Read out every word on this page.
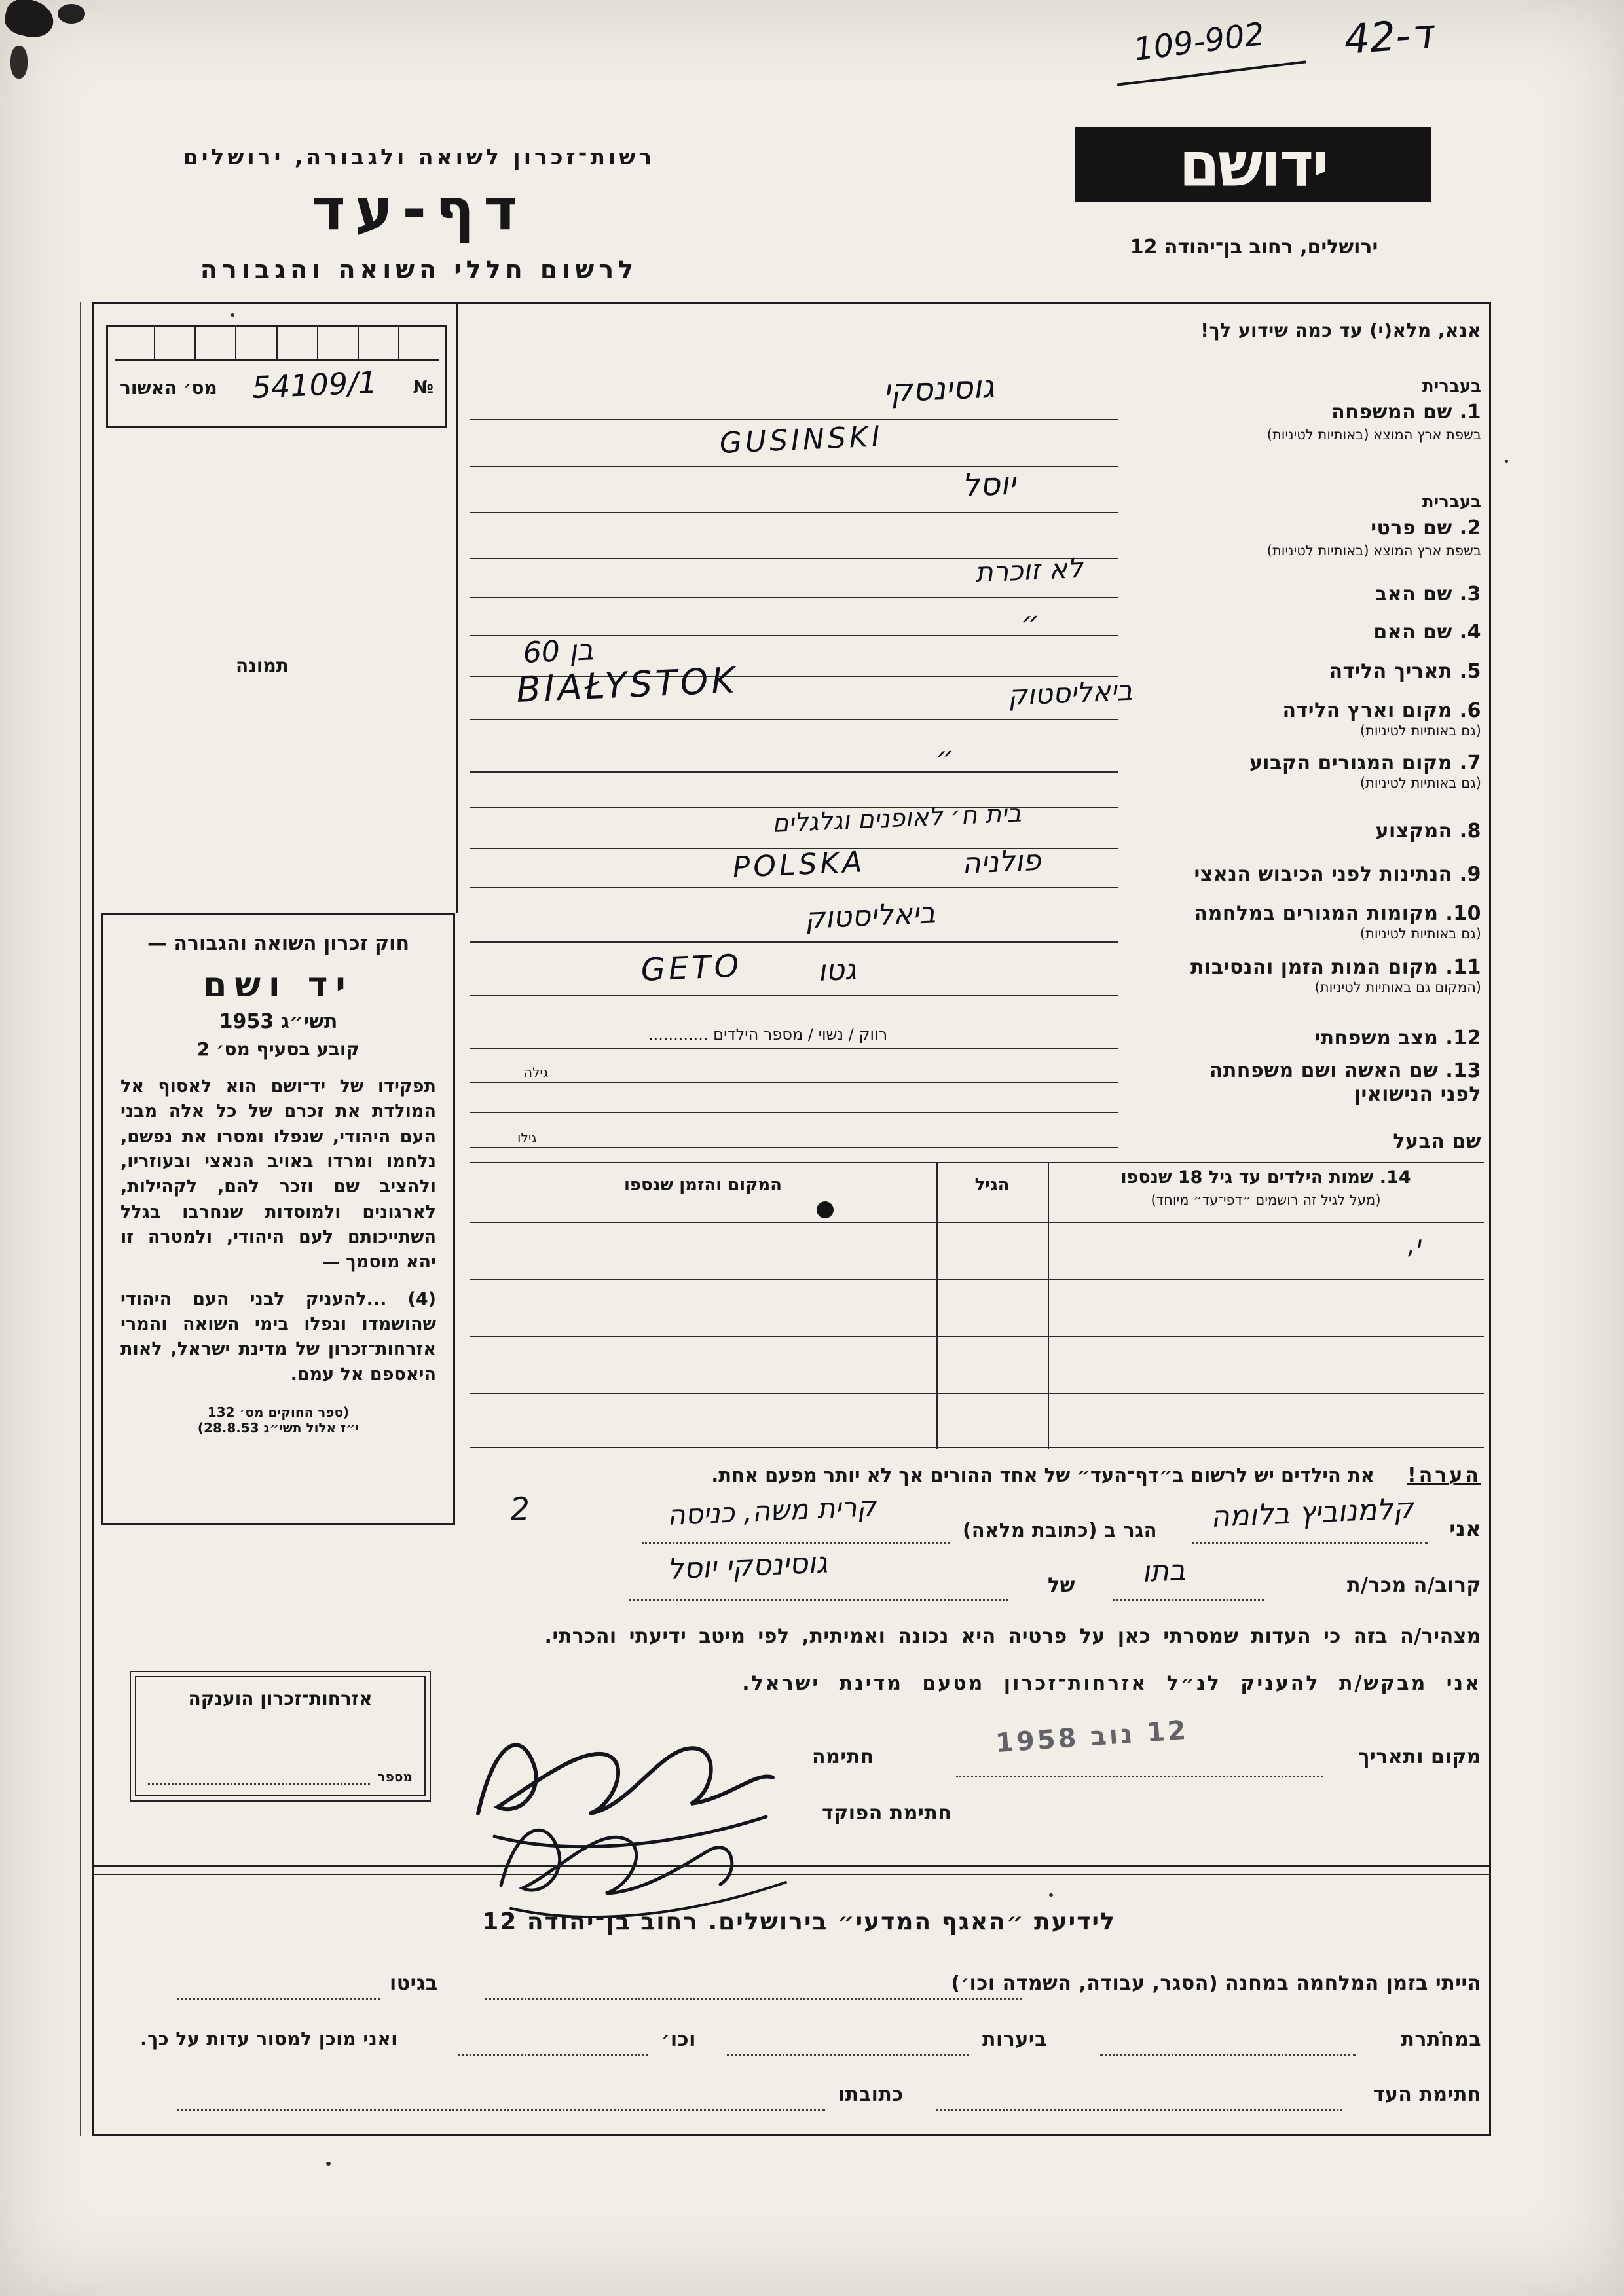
109-902 ד-42
רשות־זכרון לשואה ולגבורה, ירושלים
דף-עד
לרשום חללי השואה והגבורה
ידושם
ירושלים, רחוב בן־יהודה 12
מס׳ האשור 54109/1 №
תמונה
חוק זכרון השואה והגבורה —
יד ושם
תשי״ג 1953
קובע בסעיף מס׳ 2
תפקידו של יד־ושם הוא לאסוף אל המולדת את זכרם של כל אלה מבני העם היהודי, שנפלו ומסרו את נפשם, נלחמו ומרדו באויב הנאצי ובעוזריו, ולהציב שם וזכר להם, לקהילות, לארגונים ולמוסדות שנחרבו בגלל השתייכותם לעם היהודי, ולמטרה זו יהא מוסמך —
(4) ...להעניק לבני העם היהודי שהושמדו ונפלו בימי השואה והמרי אזרחות־זכרון של מדינת ישראל, לאות היאספם אל עמם.
(ספר החוקים מס׳ 132
י״ז אלול תשי״ג 28.8.53)
אנא, מלא(י) עד כמה שידוע לך!
בעברית
1. שם המשפחה
בשפת ארץ המוצא (באותיות לטיניות)
בעברית
2. שם פרטי
בשפת ארץ המוצא (באותיות לטיניות)
3. שם האב
4. שם האם
5. תאריך הלידה
6. מקום וארץ הלידה
(גם באותיות לטיניות)
7. מקום המגורים הקבוע
(גם באותיות לטיניות)
8. המקצוע
9. הנתינות לפני הכיבוש הנאצי
10. מקומות המגורים במלחמה
(גם באותיות לטיניות)
11. מקום המות הזמן והנסיבות
(המקום גם באותיות לטיניות)
12. מצב משפחתי
13. שם האשה ושם משפחתה
לפני הנישואין
שם הבעל
רווק / נשוי / מספר הילדים ............
גילה
גילו
גוסינסקי
GUSINSKI
יוסל
לא זוכרת
״
בן 60
ביאליסטוק
BIAŁYSTOK
״
בית ח׳ לאופנים וגלגלים
פולניה
POLSKA
ביאליסטוק
GETO	גטו
14. שמות הילדים עד גיל 18 שנספו
(מעל לגיל זה רושמים ״דפי־עד״ מיוחד)
הגיל
המקום והזמן שנספו
י,
הערה!  את הילדים יש לרשום ב״דף־העד״ של אחד ההורים אך לא יותר מפעם אחת.
אני
קלמנוביץ בלומה
הגר ב (כתובת מלאה)
קרית משה, כניסה
2
קרוב/ה מכר/ת
בתו
של
גוסינסקי יוסל
מצהיר/ה בזה כי העדות שמסרתי כאן על פרטיה היא נכונה ואמיתית, לפי מיטב ידיעתי והכרתי.
אני מבקש/ת להעניק לנ״ל אזרחות־זכרון מטעם מדינת ישראל.
מקום ותאריך
12 נוב 1958
חתימה
חתימת הפוקד
אזרחות־זכרון הוענקה
מספר
לידיעת ״האגף המדעי״ בירושלים. רחוב בן־יהודה 12
הייתי בזמן המלחמה במחנה (הסגר, עבודה, השמדה וכו׳)
בגיטו
במחתרת
ביערות
וכו׳
ואני מוכן למסור עדות על כך.
חתימת העד
כתובתו
